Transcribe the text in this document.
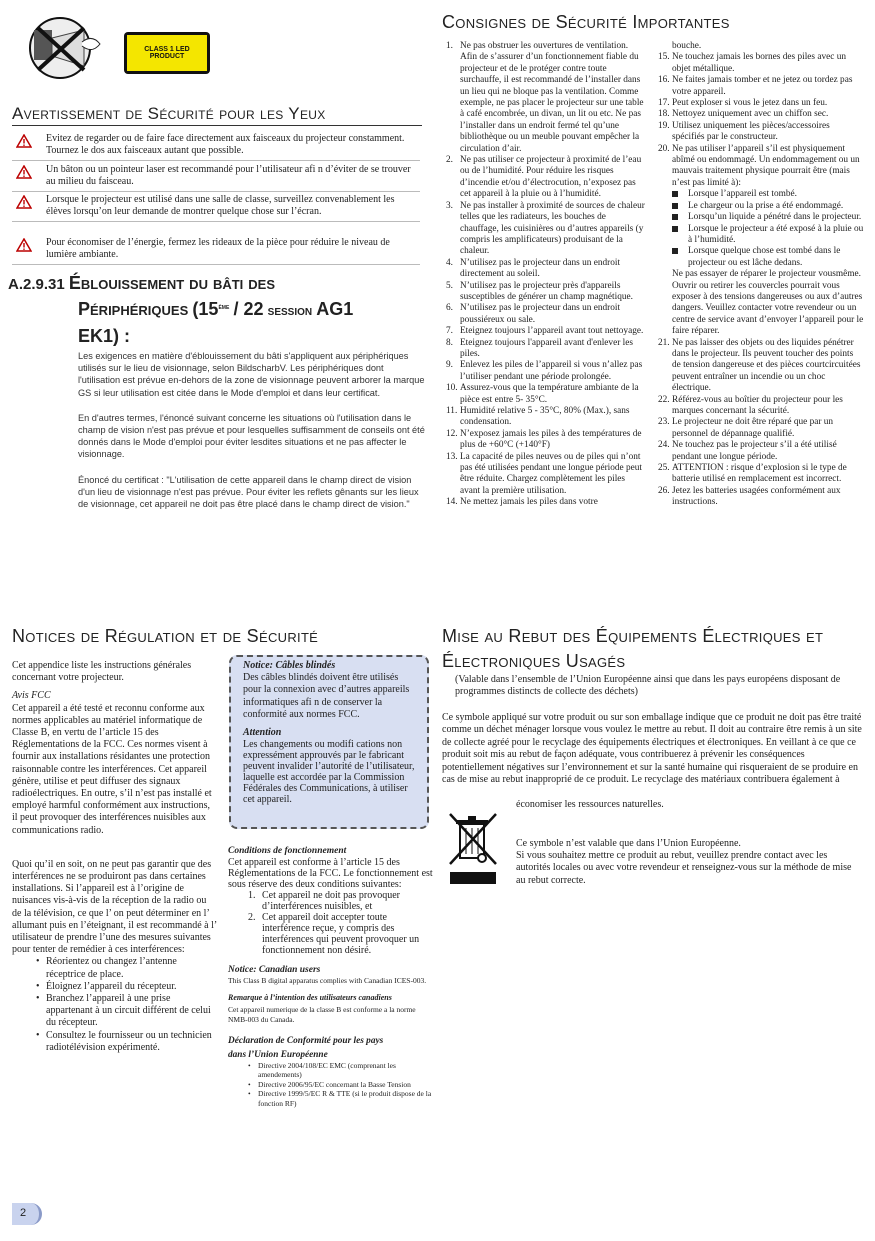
CLASS 1 LED PRODUCT
Avertissement de Sécurité pour les Yeux
Evitez de regarder ou de faire face directement aux faisceaux du projecteur constamment. Tournez le dos aux faisceaux autant que possible.
Un bâton ou un pointeur laser est recommandé pour l’utilisateur afi n d’éviter de se trouver au milieu du faisceau.
Lorsque le projecteur est utilisé dans une salle de classe, surveillez convenablement les élèves lorsqu’on leur demande de montrer quelque chose sur l’écran.
Pour économiser de l’énergie, fermez les rideaux de la pièce pour réduire le niveau de lumière ambiante.
A.2.9.31 Éblouissement du bâti des
Périphériques (15ème / 22 session AG1
EK1) :

Les exigences en matière d'éblouissement du bâti s'appliquent aux périphériques utilisés sur le lieu de visionnage, selon BildscharbV. Les périphériques dont l'utilisation est prévue en-dehors de la zone de visionnage peuvent arborer la marque GS si leur utilisation est citée dans le Mode d'emploi et dans leur certificat.

En d'autres termes, l'énoncé suivant concerne les situations où l'utilisation dans le champ de vision n'est pas prévue et pour lesquelles suffisamment de conseils ont été donnés dans le Mode d'emploi pour éviter lesdites situations et ne pas affecter le visionnage.

Énoncé du certificat : "L'utilisation de cette appareil dans le champ direct de vision d'un lieu de visionnage n'est pas prévue. Pour éviter les reflets gênants sur les lieux de visionnage, cet appareil ne doit pas être placé dans le champ direct de vision."

Consignes de Sécurité Importantes
1. Ne pas obstruer les ouvertures de ventilation. Afin de s’assurer d’un fonctionnement fiable du projecteur et de le protéger contre toute surchauffe, il est recommandé de l’installer dans un lieu qui ne bloque pas la ventilation. Comme exemple, ne pas placer le projecteur sur une table à café encombrée, un divan, un lit ou etc. Ne pas l’installer dans un endroit fermé tel qu’une bibliothèque ou un meuble pouvant empêcher la circulation d’air.
2. Ne pas utiliser ce projecteur à proximité de l’eau ou de l’humidité. Pour réduire les risques d’incendie et/ou d’électrocution, n’exposez pas cet appareil à la pluie ou à l’humidité.
3. Ne pas installer à proximité de sources de chaleur telles que les radiateurs, les bouches de chauffage, les cuisinières ou d’autres appareils (y compris les amplificateurs) produisant de la chaleur.
4. N’utilisez pas le projecteur dans un endroit directement au soleil.
5. N’utilisez pas le projecteur près d'appareils susceptibles de générer un champ magnétique.
6. N’utilisez pas le projecteur dans un endroit poussiéreux ou sale.
7. Eteignez toujours l’appareil avant tout nettoyage.
8. Eteignez toujours l'appareil avant d'enlever les piles.
9. Enlevez les piles de l’appareil si vous n’allez pas l’utiliser pendant une période prolongée.
10. Assurez-vous que la température ambiante de la pièce est entre 5- 35°C.
11. Humidité relative 5 - 35°C, 80% (Max.), sans condensation.
12. N’exposez jamais les piles à des températures de plus de +60°C (+140°F)
13. La capacité de piles neuves ou de piles qui n’ont pas été utilisées pendant une longue période peut être réduite. Chargez complètement les piles avant la première utilisation.
14. Ne mettez jamais les piles dans votre
bouche.
15. Ne touchez jamais les bornes des piles avec un objet métallique.
16. Ne faites jamais tomber et ne jetez ou tordez pas votre appareil.
17. Peut exploser si vous le jetez dans un feu.
18. Nettoyez uniquement avec un chiffon sec.
19. Utilisez uniquement les pièces/accessoires spécifiés par le constructeur.
20. Ne pas utiliser l’appareil s’il est physiquement abîmé ou endommagé. Un endommagement ou un mauvais traitement physique pourrait être (mais n’est pas limité à):
Lorsque l’appareil est tombé.
Le chargeur ou la prise a été endommagé.
Lorsqu’un liquide a pénétré dans le projecteur.
Lorsque le projecteur a été exposé à la pluie ou à l’humidité.
Lorsque quelque chose est tombé dans le projecteur ou est lâche dedans.
Ne pas essayer de réparer le projecteur vousmême. Ouvrir ou retirer les couvercles pourrait vous exposer à des tensions dangereuses ou aux d’autres dangers. Veuillez contacter votre revendeur ou un centre de service avant d’envoyer l’appareil pour le faire réparer.
21. Ne pas laisser des objets ou des liquides pénétrer dans le projecteur. Ils peuvent toucher des points de tension dangereuse et des pièces courtcircuitées peuvent entraîner un incendie ou un choc électrique.
22. Référez-vous au boîtier du projecteur pour les marques concernant la sécurité.
23. Le projecteur ne doit être réparé que par un personnel de dépannage qualifié.
24. Ne touchez pas le projecteur s’il a été utilisé pendant une longue période.
25. ATTENTION : risque d’explosion si le type de batterie utilisé en remplacement est incorrect.
26. Jetez les batteries usagées conformément aux instructions.
Notices de Régulation et de Sécurité

Cet appendice liste les instructions générales concernant votre projecteur.

Avis FCC

Cet appareil a été testé et reconnu conforme aux normes applicables au matériel informatique de Classe B, en vertu de l’article 15 des Réglementations de la FCC. Ces normes visent à fournir aux installations résidantes une protection raisonnable contre les interférences. Cet appareil génère, utilise et peut diffuser des signaux radioélectriques. En outre, s’il n’est pas installé et employé harmful conformément aux instructions, il peut provoquer des interférences nuisibles aux communications radio.

Quoi qu’il en soit, on ne peut pas garantir que des interférences ne se produiront pas dans certaines installations. Si l’appareil est à l’origine de nuisances vis-à-vis de la réception de la radio ou de la télévision, ce que l’ on peut déterminer en l’ allumant puis en l’éteignant, il est recommandé à l’ utilisateur de prendre l’une des mesures suivantes pour tenter de remédier à ces interférences:

• Réorientez ou changez l’antenne réceptrice de place.
• Éloignez l’appareil du récepteur.
• Branchez l’appareil à une prise appartenant à un circuit différent de celui du récepteur.
• Consultez le fournisseur ou un technicien radiotélévision expérimenté.

Notice: Câbles blindés

Des câbles blindés doivent être utilisés pour la connexion avec d’autres appareils informatiques afi n de conserver la conformité aux normes FCC.

Attention

Les changements ou modifi cations non expressément approuvés par le fabricant peuvent invalider l’autorité de l’utilisateur, laquelle est accordée par la Commission Fédérales des Communications, à utiliser cet appareil.

Conditions de fonctionnement

Cet appareil est conforme à l’article 15 des Réglementations de la FCC. Le fonctionnement est sous réserve des deux conditions suivantes:

1. Cet appareil ne doit pas provoquer d’interférences nuisibles, et
2. Cet appareil doit accepter toute interférence reçue, y compris des interférences qui peuvent provoquer un fonctionnement non désiré.

Notice: Canadian users

This Class B digital apparatus complies with Canadian ICES-003.

Remarque à l’intention des utilisateurs canadiens

Cet appareil numerique de la classe B est conforme a la norme NMB-003 du Canada.

Déclaration de Conformité pour les pays

dans l’Union Européenne

• Directive 2004/108/EC EMC (comprenant les amendements)
• Directive 2006/95/EC concernant la Basse Tension
• Directive 1999/5/EC R & TTE (si le produit dispose de la fonction RF)
Mise au Rebut des Équipements Électriques et
Électroniques Usagés
(Valable dans l’ensemble de l’Union Européenne ainsi que dans les pays européens disposant de programmes distincts de collecte des déchets)
Ce symbole appliqué sur votre produit ou sur son emballage indique que ce produit ne doit pas être traité comme un déchet ménager lorsque vous voulez le mettre au rebut. Il doit au contraire être remis à un site de collecte agréé pour le recyclage des équipements électriques et électroniques. En veillant à ce que ce produit soit mis au rebut de façon adéquate, vous contribuerez à prévenir les conséquences potentiellement négatives sur l’environnement et sur la santé humaine qui risqueraient de se produire en cas de mise au rebut inapproprié de ce produit. Le recyclage des matériaux contribuera également à
économiser les ressources naturelles.

Ce symbole n’est valable que dans l’Union Européenne.

Si vous souhaitez mettre ce produit au rebut, veuillez prendre contact avec les autorités locales ou avec votre revendeur et renseignez-vous sur la méthode de mise au rebut correcte.

2
